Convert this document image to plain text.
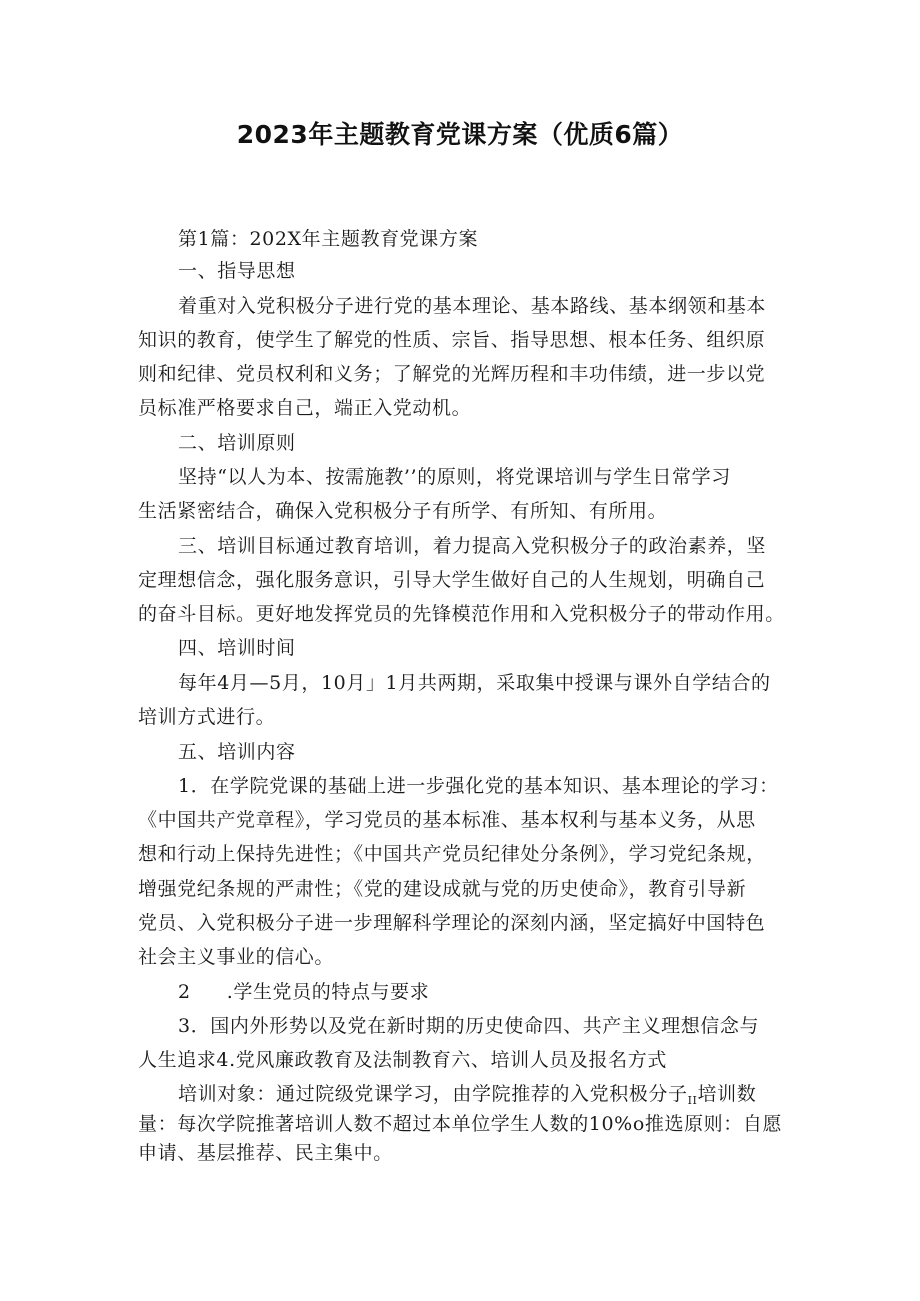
2023年主题教育党课方案（优质6篇）
第1篇：202X年主题教育党课方案
一、指导思想
着重对入党积极分子进行党的基本理论、基本路线、基本纲领和基本
知识的教育，使学生了解党的性质、宗旨、指导思想、根本任务、组织原
则和纪律、党员权利和义务；了解党的光辉历程和丰功伟绩，进一步以党
员标准严格要求自己，端正入党动机。
二、培训原则
坚持“以人为本、按需施教’’的原则，将党课培训与学生日常学习
生活紧密结合，确保入党积极分子有所学、有所知、有所用。
三、培训目标通过教育培训，着力提高入党积极分子的政治素养，坚
定理想信念，强化服务意识，引导大学生做好自己的人生规划，明确自己
的奋斗目标。更好地发挥党员的先锋模范作用和入党积极分子的带动作用。
四、培训时间
每年4月—5月，10月」1月共两期，采取集中授课与课外自学结合的
培训方式进行。
五、培训内容
1．在学院党课的基础上进一步强化党的基本知识、基本理论的学习：
《中国共产党章程》，学习党员的基本标准、基本权利与基本义务，从思
想和行动上保持先进性；《中国共产党员纪律处分条例》，学习党纪条规，
增强党纪条规的严肃性；《党的建设成就与党的历史使命》，教育引导新
党员、入党积极分子进一步理解科学理论的深刻内涵，坚定搞好中国特色
社会主义事业的信心。
2 .学生党员的特点与要求
3．国内外形势以及党在新时期的历史使命四、共产主义理想信念与
人生追求4.党风廉政教育及法制教育六、培训人员及报名方式
培训对象：通过院级党课学习，由学院推荐的入党积极分子II培训数
量：每次学院推著培训人数不超过本单位学生人数的10%o推选原则：自愿
申请、基层推荐、民主集中。
